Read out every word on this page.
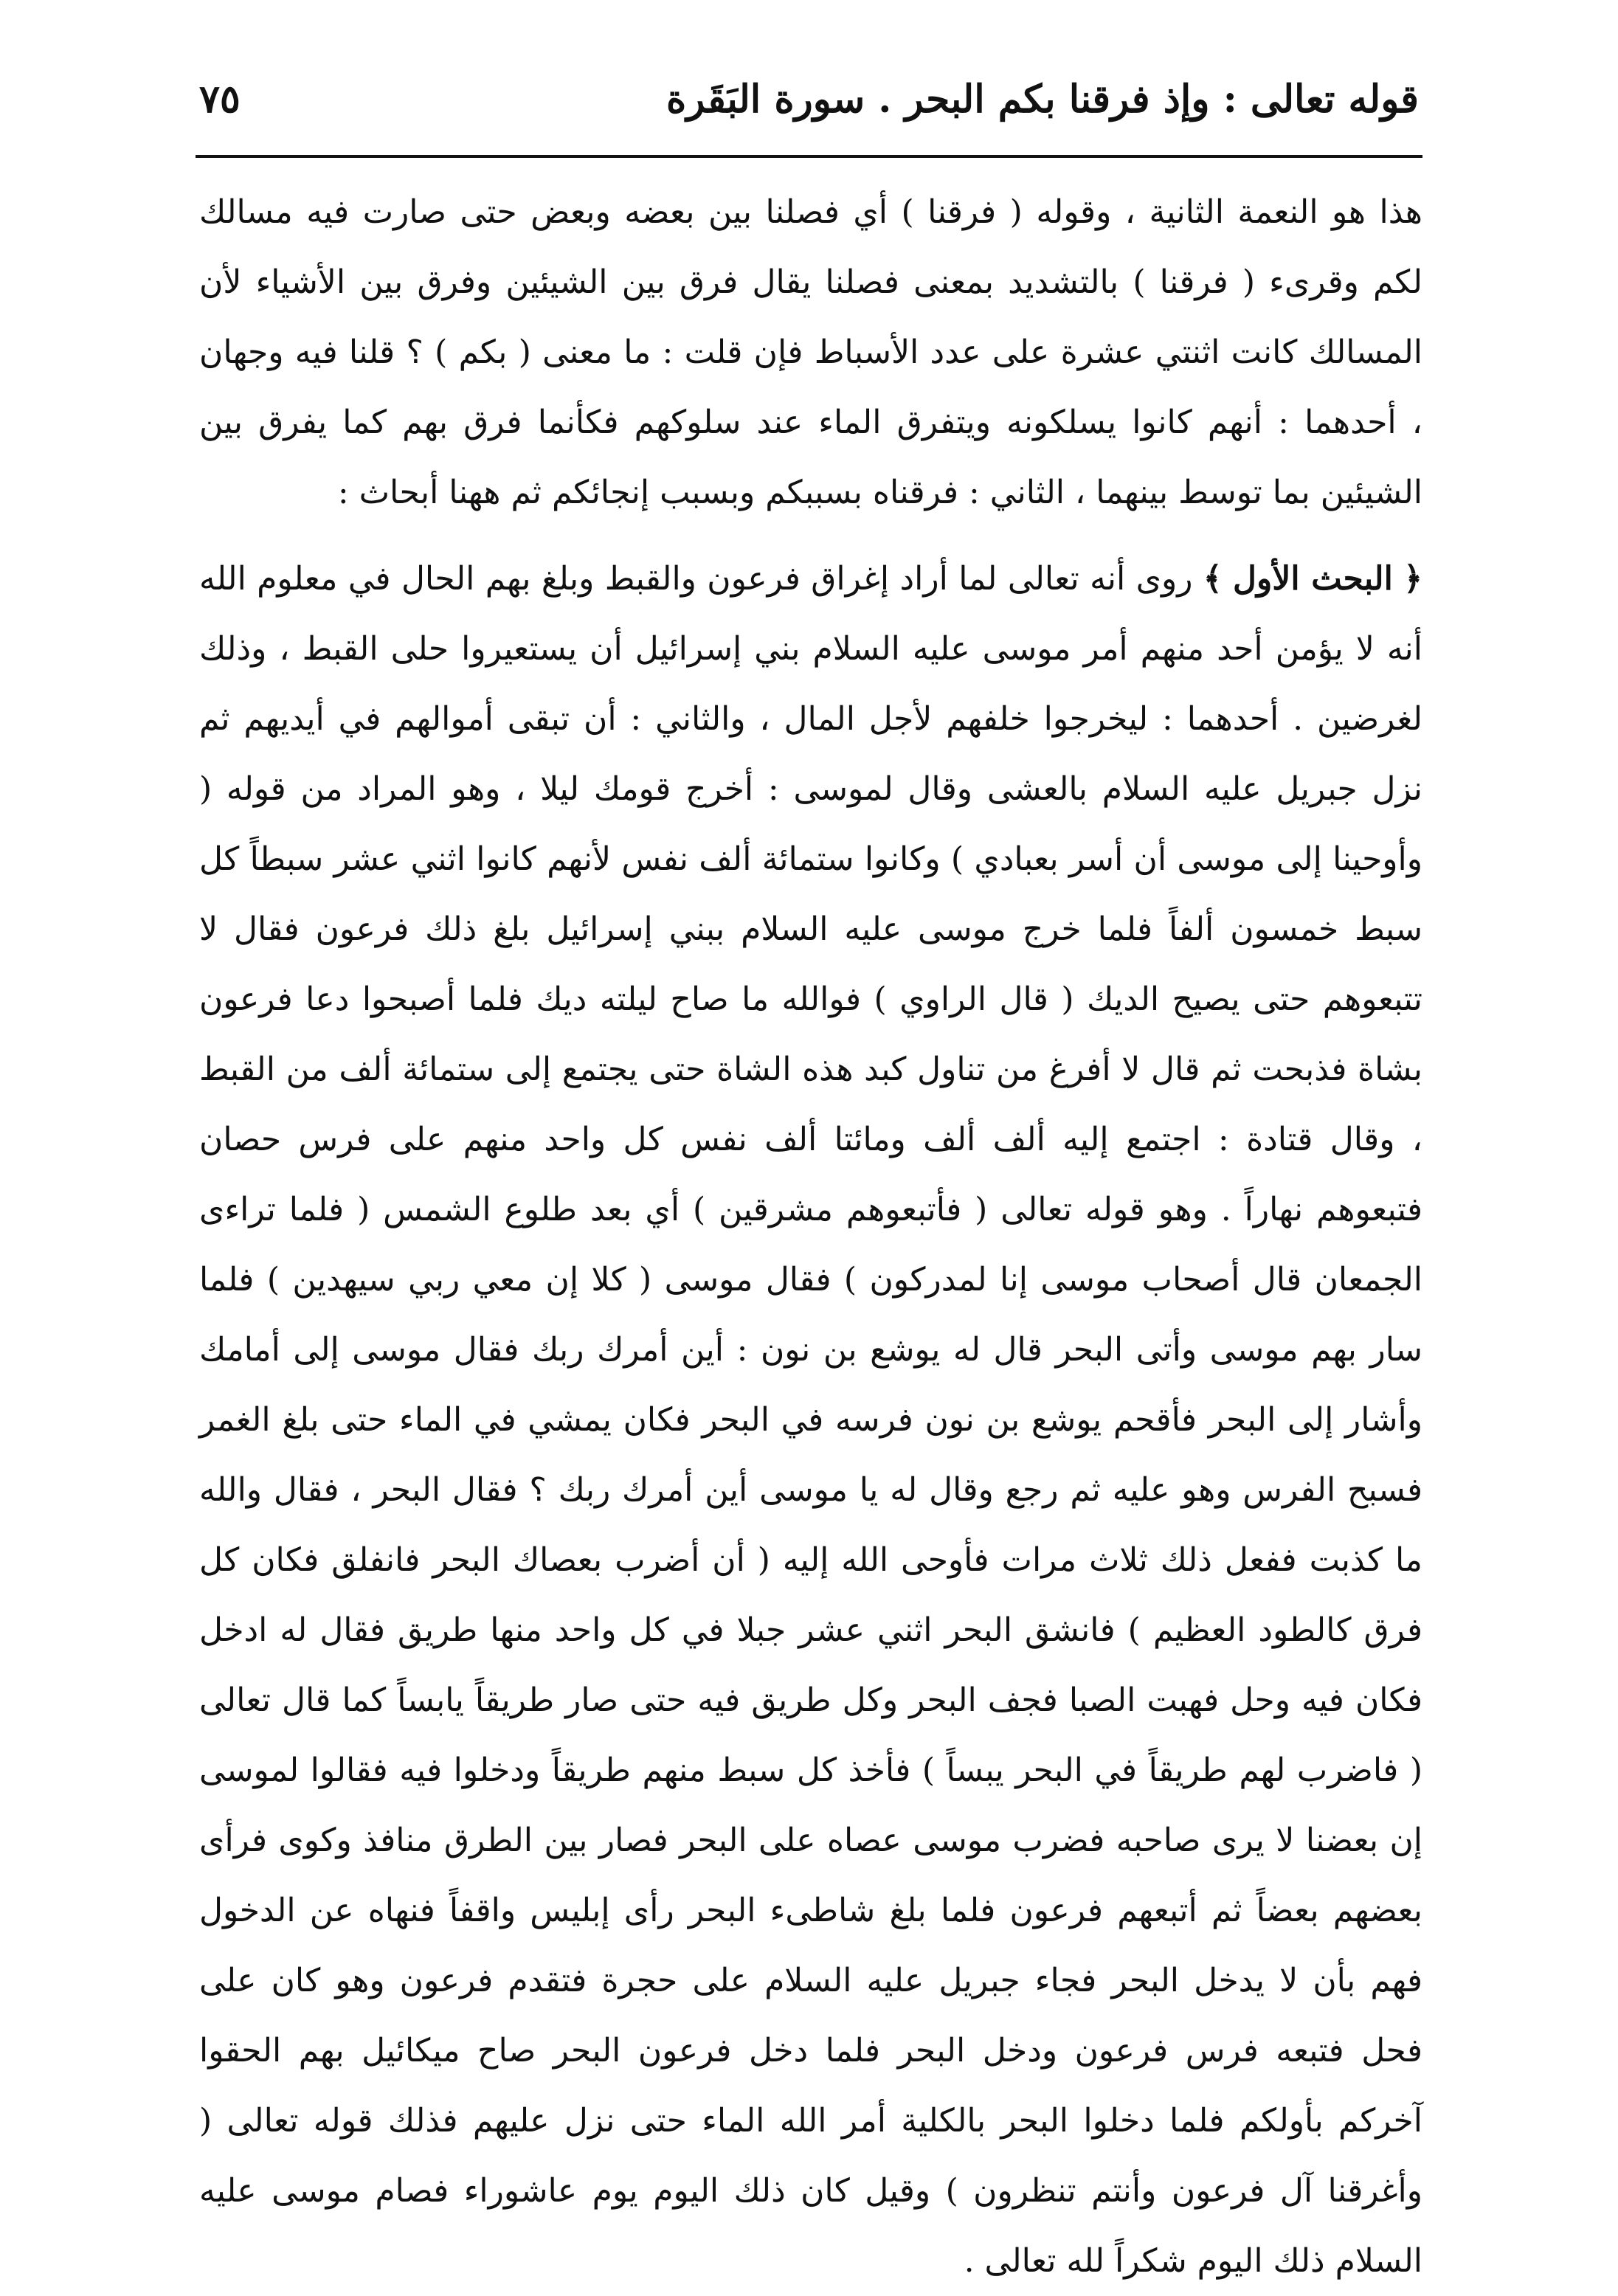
قوله تعالى : وإذ فرقنا بكم البحر . سورة البَقَرة
٧٥

هذا هو النعمة الثانية ، وقوله ( فرقنا ) أي فصلنا بين بعضه وبعض حتى صارت فيه مسالك لكم وقرىء ( فرقنا ) بالتشديد بمعنى فصلنا يقال فرق بين الشيئين وفرق بين الأشياء لأن المسالك كانت اثنتي عشرة على عدد الأسباط فإن قلت : ما معنى ( بكم ) ؟ قلنا فيه وجهان ، أحدهما : أنهم كانوا يسلكونه ويتفرق الماء عند سلوكهم فكأنما فرق بهم كما يفرق بين الشيئين بما توسط بينهما ، الثاني : فرقناه بسببكم وبسبب إنجائكم ثم ههنا أبحاث :

﴿ البحث الأول ﴾ روى أنه تعالى لما أراد إغراق فرعون والقبط وبلغ بهم الحال في معلوم الله أنه لا يؤمن أحد منهم أمر موسى عليه السلام بني إسرائيل أن يستعيروا حلى القبط ، وذلك لغرضين . أحدهما : ليخرجوا خلفهم لأجل المال ، والثاني : أن تبقى أموالهم في أيديهم ثم نزل جبريل عليه السلام بالعشى وقال لموسى : أخرج قومك ليلا ، وهو المراد من قوله ( وأوحينا إلى موسى أن أسر بعبادي ) وكانوا ستمائة ألف نفس لأنهم كانوا اثني عشر سبطاً كل سبط خمسون ألفاً فلما خرج موسى عليه السلام ببني إسرائيل بلغ ذلك فرعون فقال لا تتبعوهم حتى يصيح الديك ( قال الراوي ) فوالله ما صاح ليلته ديك فلما أصبحوا دعا فرعون بشاة فذبحت ثم قال لا أفرغ من تناول كبد هذه الشاة حتى يجتمع إلى ستمائة ألف من القبط ، وقال قتادة : اجتمع إليه ألف ألف ومائتا ألف نفس كل واحد منهم على فرس حصان فتبعوهم نهاراً . وهو قوله تعالى ( فأتبعوهم مشرقين ) أي بعد طلوع الشمس ( فلما تراءى الجمعان قال أصحاب موسى إنا لمدركون ) فقال موسى ( كلا إن معي ربي سيهدين ) فلما سار بهم موسى وأتى البحر قال له يوشع بن نون : أين أمرك ربك فقال موسى إلى أمامك وأشار إلى البحر فأقحم يوشع بن نون فرسه في البحر فكان يمشي في الماء حتى بلغ الغمر فسبح الفرس وهو عليه ثم رجع وقال له يا موسى أين أمرك ربك ؟ فقال البحر ، فقال والله ما كذبت ففعل ذلك ثلاث مرات فأوحى الله إليه ( أن أضرب بعصاك البحر فانفلق فكان كل فرق كالطود العظيم ) فانشق البحر اثني عشر جبلا في كل واحد منها طريق فقال له ادخل فكان فيه وحل فهبت الصبا فجف البحر وكل طريق فيه حتى صار طريقاً يابساً كما قال تعالى ( فاضرب لهم طريقاً في البحر يبساً ) فأخذ كل سبط منهم طريقاً ودخلوا فيه فقالوا لموسى إن بعضنا لا يرى صاحبه فضرب موسى عصاه على البحر فصار بين الطرق منافذ وكوى فرأى بعضهم بعضاً ثم أتبعهم فرعون فلما بلغ شاطىء البحر رأى إبليس واقفاً فنهاه عن الدخول فهم بأن لا يدخل البحر فجاء جبريل عليه السلام على حجرة فتقدم فرعون وهو كان على فحل فتبعه فرس فرعون ودخل البحر فلما دخل فرعون البحر صاح ميكائيل بهم الحقوا آخركم بأولكم فلما دخلوا البحر بالكلية أمر الله الماء حتى نزل عليهم فذلك قوله تعالى ( وأغرقنا آل فرعون وأنتم تنظرون ) وقيل كان ذلك اليوم يوم عاشوراء فصام موسى عليه السلام ذلك اليوم شكراً لله تعالى .
